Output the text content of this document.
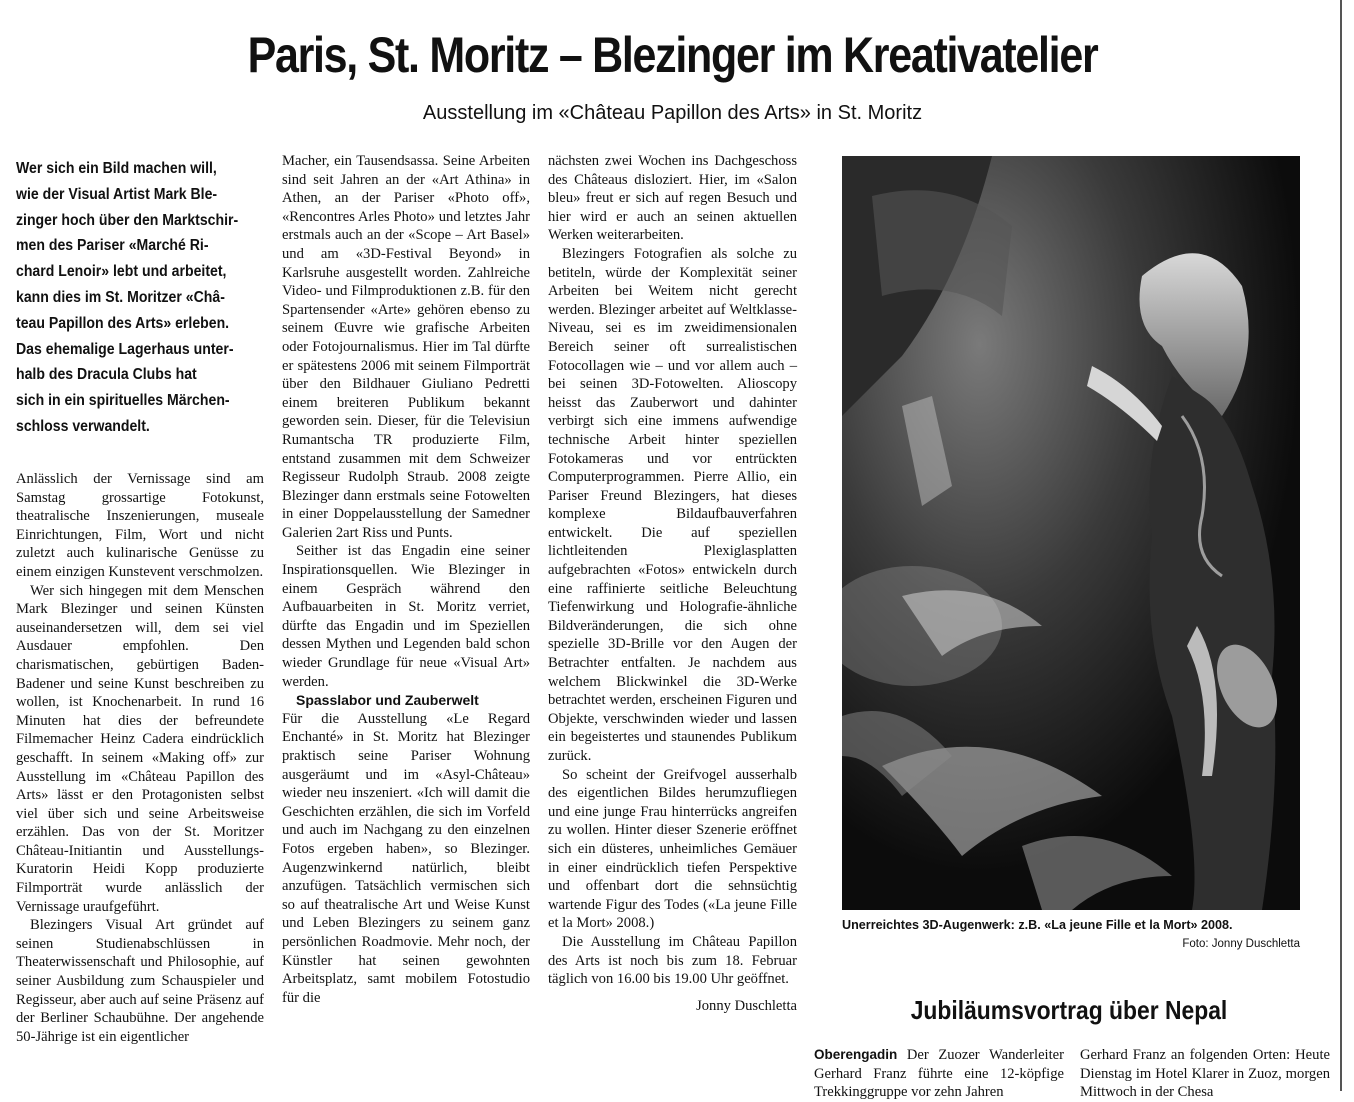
Paris, St. Moritz – Blezinger im Kreativatelier
Ausstellung im «Château Papillon des Arts» in St. Moritz
Wer sich ein Bild machen will,
wie der Visual Artist Mark Ble-
zinger hoch über den Marktschir-
men des Pariser «Marché Ri-
chard Lenoir» lebt und arbeitet,
kann dies im St. Moritzer «Châ-
teau Papillon des Arts» erleben.
Das ehemalige Lagerhaus unter-
halb des Dracula Clubs hat
sich in ein spirituelles Märchen-
schloss verwandelt.

Anlässlich der Vernissage sind am Samstag grossartige Fotokunst, theatralische Inszenierungen, museale Einrichtungen, Film, Wort und nicht zuletzt auch kulinarische Genüsse zu einem einzigen Kunstevent verschmolzen.

Wer sich hingegen mit dem Menschen Mark Blezinger und seinen Künsten auseinandersetzen will, dem sei viel Ausdauer empfohlen. Den charismatischen, gebürtigen Baden-Badener und seine Kunst beschreiben zu wollen, ist Knochenarbeit. In rund 16 Minuten hat dies der befreundete Filmemacher Heinz Cadera eindrücklich geschafft. In seinem «Making off» zur Ausstellung im «Château Papillon des Arts» lässt er den Protagonisten selbst viel über sich und seine Arbeitsweise erzählen. Das von der St. Moritzer Château-Initiantin und Ausstellungs-Kuratorin Heidi Kopp produzierte Filmporträt wurde anlässlich der Vernissage uraufgeführt.

Blezingers Visual Art gründet auf seinen Studienabschlüssen in Theaterwissenschaft und Philosophie, auf seiner Ausbildung zum Schauspieler und Regisseur, aber auch auf seine Präsenz auf der Berliner Schaubühne. Der angehende 50-Jährige ist ein eigentlicher

Macher, ein Tausendsassa. Seine Arbeiten sind seit Jahren an der «Art Athina» in Athen, an der Pariser «Photo off», «Rencontres Arles Photo» und letztes Jahr erstmals auch an der «Scope – Art Basel» und am «3D-Festival Beyond» in Karlsruhe ausgestellt worden. Zahlreiche Video- und Filmproduktionen z.B. für den Spartensender «Arte» gehören ebenso zu seinem Œuvre wie grafische Arbeiten oder Fotojournalismus. Hier im Tal dürfte er spätestens 2006 mit seinem Filmporträt über den Bildhauer Giuliano Pedretti einem breiteren Publikum bekannt geworden sein. Dieser, für die Televisiun Rumantscha TR produzierte Film, entstand zusammen mit dem Schweizer Regisseur Rudolph Straub. 2008 zeigte Blezinger dann erstmals seine Fotowelten in einer Doppelausstellung der Samedner Galerien 2art Riss und Punts.

Seither ist das Engadin eine seiner Inspirationsquellen. Wie Blezinger in einem Gespräch während den Aufbauarbeiten in St. Moritz verriet, dürfte das Engadin und im Speziellen dessen Mythen und Legenden bald schon wieder Grundlage für neue «Visual Art» werden.

Spasslabor und Zauberwelt

Für die Ausstellung «Le Regard Enchanté» in St. Moritz hat Blezinger praktisch seine Pariser Wohnung ausgeräumt und im «Asyl-Château» wieder neu inszeniert. «Ich will damit die Geschichten erzählen, die sich im Vorfeld und auch im Nachgang zu den einzelnen Fotos ergeben haben», so Blezinger. Augenzwinkernd natürlich, bleibt anzufügen. Tatsächlich vermischen sich so auf theatralische Art und Weise Kunst und Leben Blezingers zu seinem ganz persönlichen Roadmovie. Mehr noch, der Künstler hat seinen gewohnten Arbeitsplatz, samt mobilem Fotostudio für die

nächsten zwei Wochen ins Dachgeschoss des Châteaus disloziert. Hier, im «Salon bleu» freut er sich auf regen Besuch und hier wird er auch an seinen aktuellen Werken weiterarbeiten.

Blezingers Fotografien als solche zu betiteln, würde der Komplexität seiner Arbeiten bei Weitem nicht gerecht werden. Blezinger arbeitet auf Weltklasse-Niveau, sei es im zweidimensionalen Bereich seiner oft surrealistischen Fotocollagen wie – und vor allem auch – bei seinen 3D-Fotowelten. Alioscopy heisst das Zauberwort und dahinter verbirgt sich eine immens aufwendige technische Arbeit hinter speziellen Fotokameras und vor entrückten Computerprogrammen. Pierre Allio, ein Pariser Freund Blezingers, hat dieses komplexe Bildaufbauverfahren entwickelt. Die auf speziellen lichtleitenden Plexiglasplatten aufgebrachten «Fotos» entwickeln durch eine raffinierte seitliche Beleuchtung Tiefenwirkung und Holografie-ähnliche Bildveränderungen, die sich ohne spezielle 3D-Brille vor den Augen der Betrachter entfalten. Je nachdem aus welchem Blickwinkel die 3D-Werke betrachtet werden, erscheinen Figuren und Objekte, verschwinden wieder und lassen ein begeistertes und staunendes Publikum zurück.

So scheint der Greifvogel ausserhalb des eigentlichen Bildes herumzufliegen und eine junge Frau hinterrücks angreifen zu wollen. Hinter dieser Szenerie eröffnet sich ein düsteres, unheimliches Gemäuer in einer eindrücklich tiefen Perspektive und offenbart dort die sehnsüchtig wartende Figur des Todes («La jeune Fille et la Mort» 2008.)

Die Ausstellung im Château Papillon des Arts ist noch bis zum 18. Februar täglich von 16.00 bis 19.00 Uhr geöffnet.

Jonny Duschletta

Unerreichtes 3D-Augenwerk: z.B. «La jeune Fille et la Mort» 2008.
Foto: Jonny Duschletta
Jubiläumsvortrag über Nepal

Oberengadin Der Zuozer Wanderleiter Gerhard Franz führte eine 12-köpfige Trekkinggruppe vor zehn Jahren

Gerhard Franz an folgenden Orten: Heute Dienstag im Hotel Klarer in Zuoz, morgen Mittwoch in der Chesa
